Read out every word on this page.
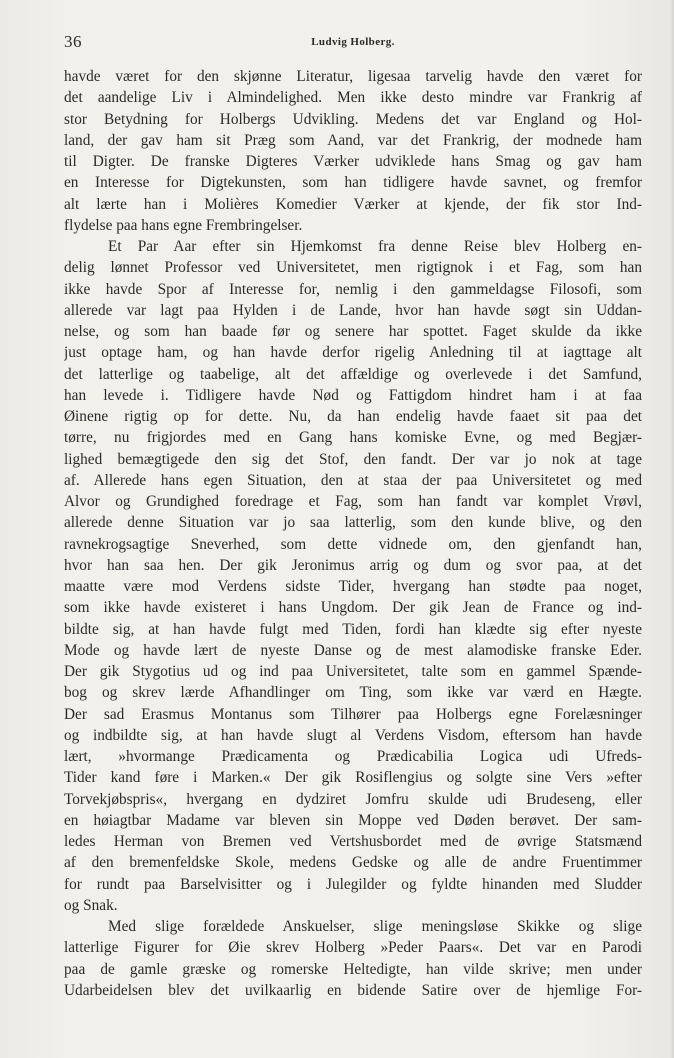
36	Ludvig Holberg.
havde været for den skjønne Literatur, ligesaa tarvelig havde den været for
det aandelige Liv i Almindelighed. Men ikke desto mindre var Frankrig af
stor Betydning for Holbergs Udvikling. Medens det var England og Hol-
land, der gav ham sit Præg som Aand, var det Frankrig, der modnede ham
til Digter. De franske Digteres Værker udviklede hans Smag og gav ham
en Interesse for Digtekunsten, som han tidligere havde savnet, og fremfor
alt lærte han i Molières Komedier Værker at kjende, der fik stor Ind-
flydelse paa hans egne Frembringelser.
Et Par Aar efter sin Hjemkomst fra denne Reise blev Holberg en-
delig lønnet Professor ved Universitetet, men rigtignok i et Fag, som han
ikke havde Spor af Interesse for, nemlig i den gammeldagse Filosofi, som
allerede var lagt paa Hylden i de Lande, hvor han havde søgt sin Uddan-
nelse, og som han baade før og senere har spottet. Faget skulde da ikke
just optage ham, og han havde derfor rigelig Anledning til at iagttage alt
det latterlige og taabelige, alt det affældige og overlevede i det Samfund,
han levede i. Tidligere havde Nød og Fattigdom hindret ham i at faa
Øinene rigtig op for dette. Nu, da han endelig havde faaet sit paa det
tørre, nu frigjordes med en Gang hans komiske Evne, og med Begjær-
lighed bemægtigede den sig det Stof, den fandt. Der var jo nok at tage
af. Allerede hans egen Situation, den at staa der paa Universitetet og med
Alvor og Grundighed foredrage et Fag, som han fandt var komplet Vrøvl,
allerede denne Situation var jo saa latterlig, som den kunde blive, og den
ravnekrogsagtige Sneverhed, som dette vidnede om, den gjenfandt han,
hvor han saa hen. Der gik Jeronimus arrig og dum og svor paa, at det
maatte være mod Verdens sidste Tider, hvergang han stødte paa noget,
som ikke havde existeret i hans Ungdom. Der gik Jean de France og ind-
bildte sig, at han havde fulgt med Tiden, fordi han klædte sig efter nyeste
Mode og havde lært de nyeste Danse og de mest alamodiske franske Eder.
Der gik Stygotius ud og ind paa Universitetet, talte som en gammel Spænde-
bog og skrev lærde Afhandlinger om Ting, som ikke var værd en Hægte.
Der sad Erasmus Montanus som Tilhører paa Holbergs egne Forelæsninger
og indbildte sig, at han havde slugt al Verdens Visdom, eftersom han havde
lært, »hvormange Prædicamenta og Prædicabilia Logica udi Ufreds-
Tider kand føre i Marken.« Der gik Rosiflengius og solgte sine Vers »efter
Torvekjøbspris«, hvergang en dydziret Jomfru skulde udi Brudeseng, eller
en høiagtbar Madame var bleven sin Moppe ved Døden berøvet. Der sam-
ledes Herman von Bremen ved Vertshusbordet med de øvrige Statsmænd
af den bremenfeldske Skole, medens Gedske og alle de andre Fruentimmer
for rundt paa Barselvisitter og i Julegilder og fyldte hinanden med Sludder
og Snak.
Med slige forældede Anskuelser, slige meningsløse Skikke og slige
latterlige Figurer for Øie skrev Holberg »Peder Paars«. Det var en Parodi
paa de gamle græske og romerske Heltedigte, han vilde skrive; men under
Udarbeidelsen blev det uvilkaarlig en bidende Satire over de hjemlige For-
